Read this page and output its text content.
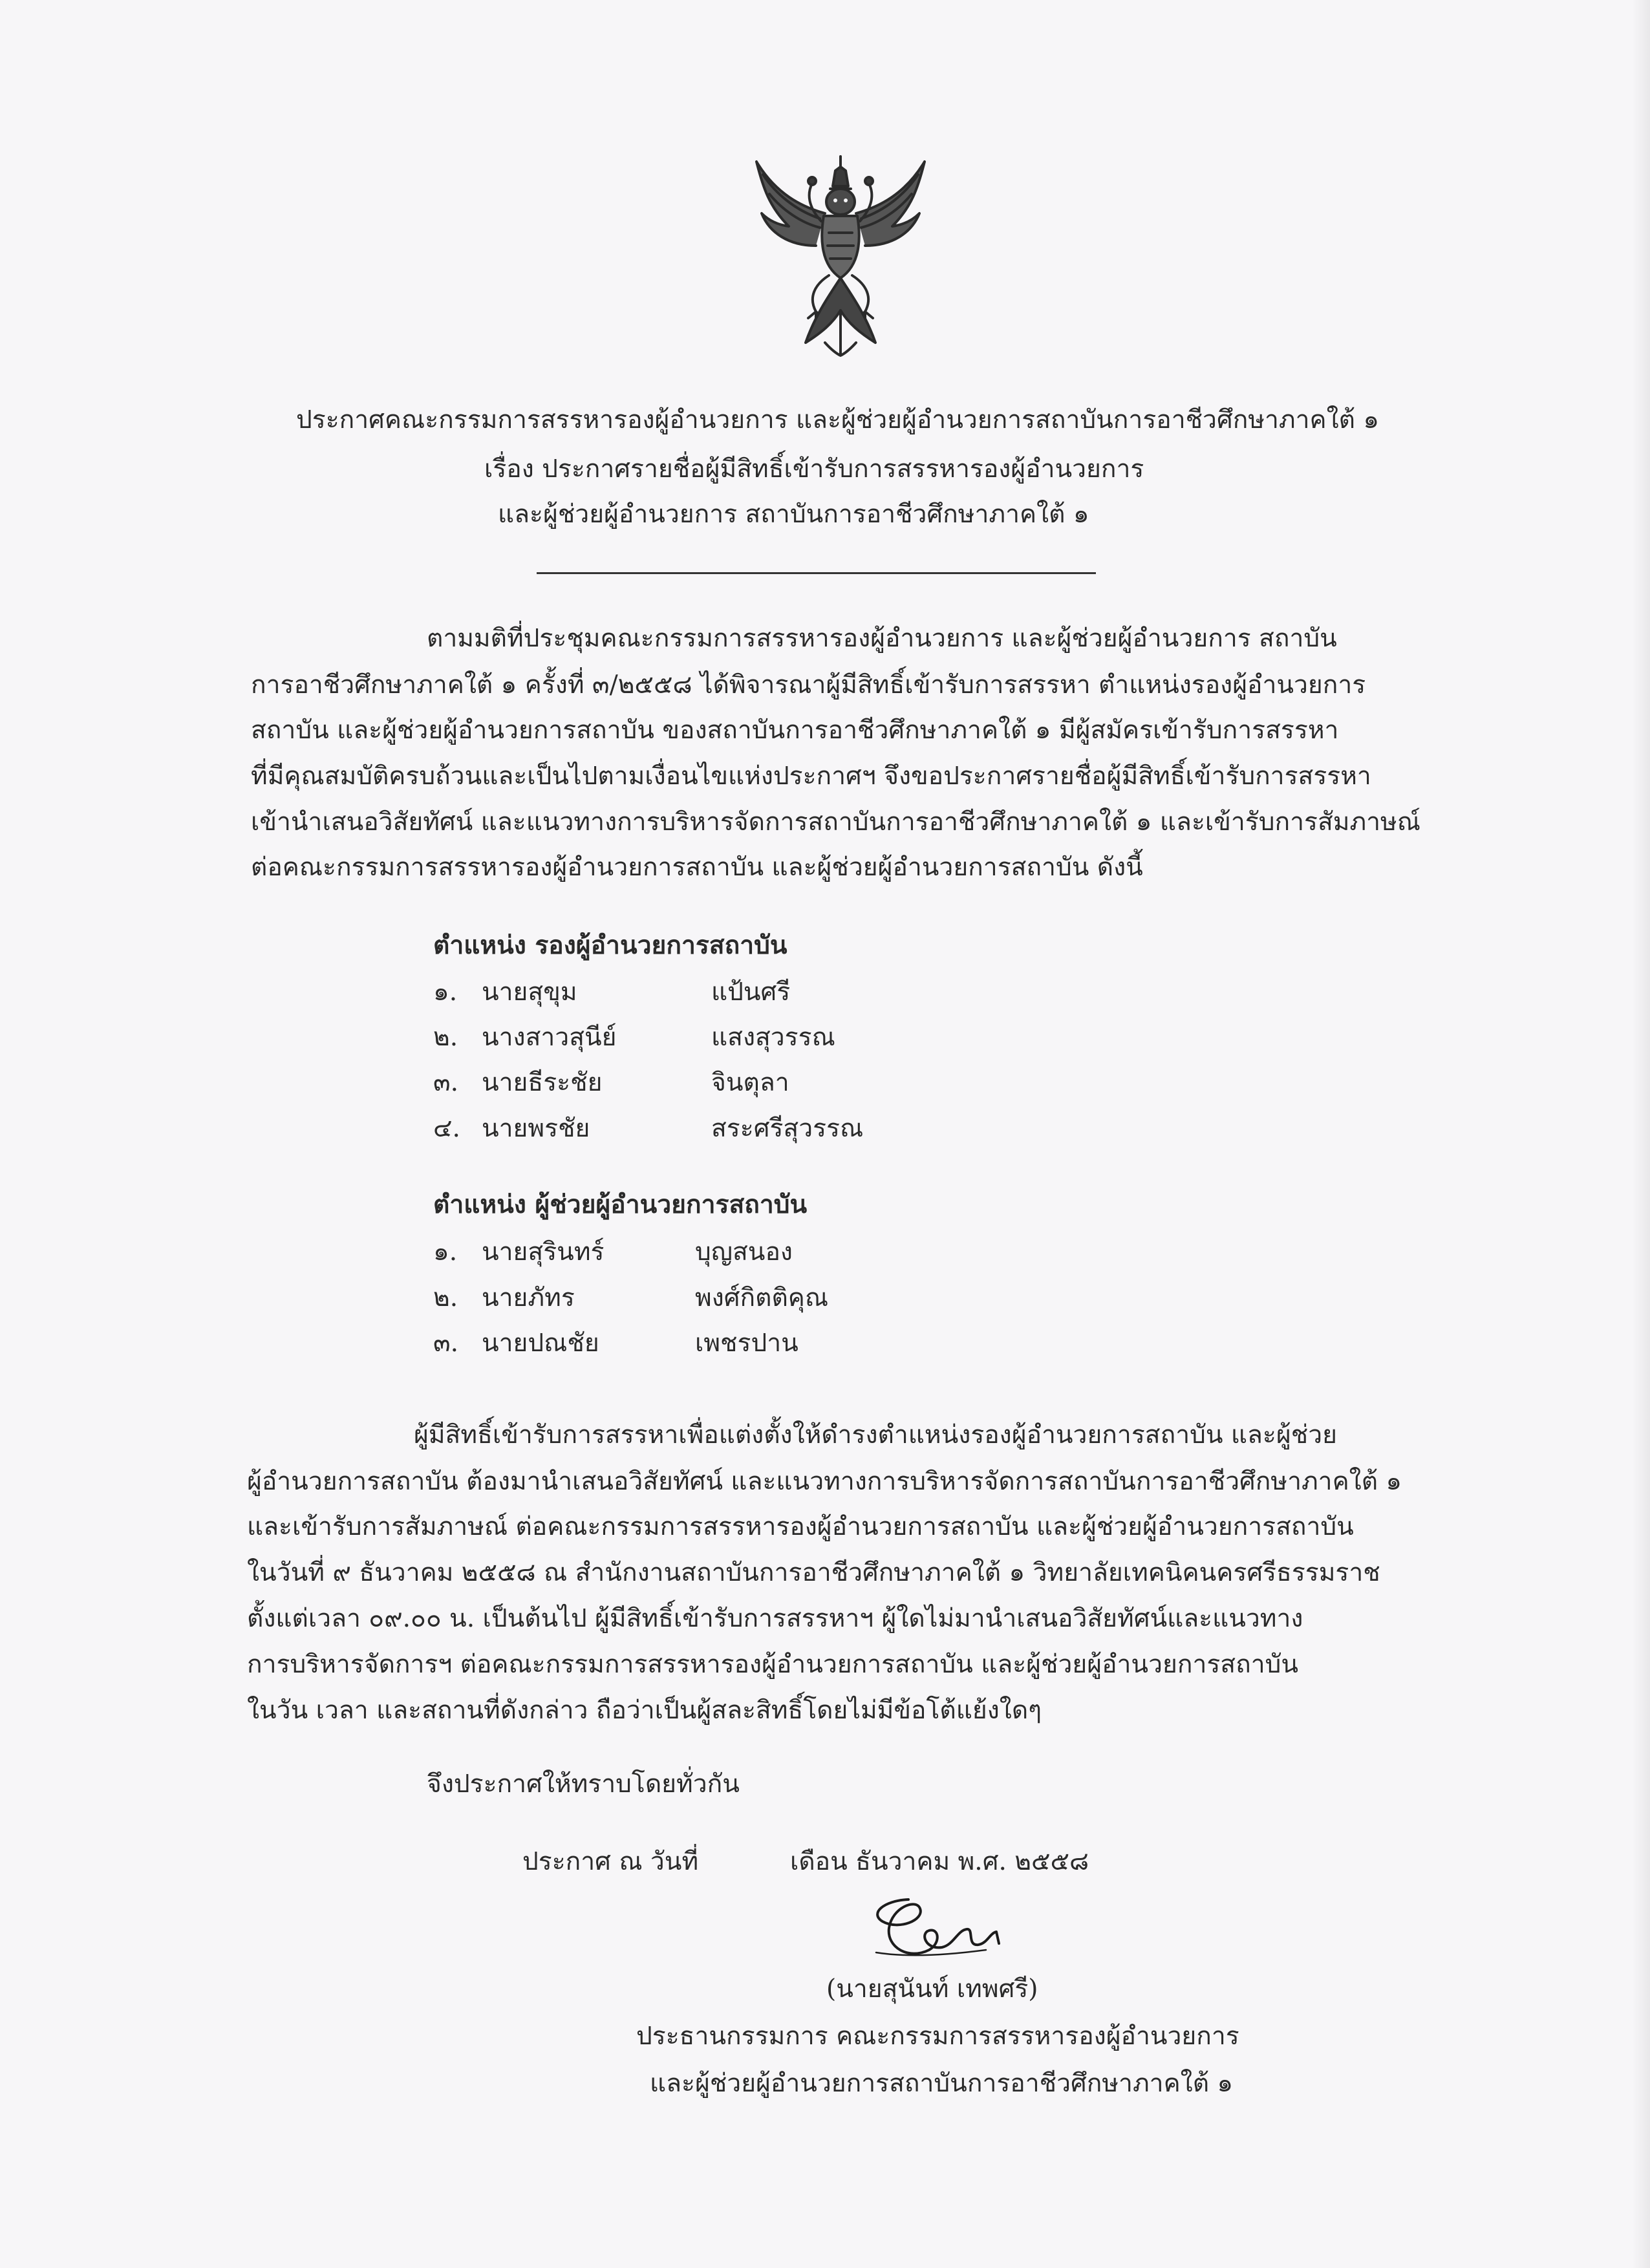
ประกาศคณะกรรมการสรรหารองผู้อำนวยการ และผู้ช่วยผู้อำนวยการสถาบันการอาชีวศึกษาภาคใต้ ๑
เรื่อง ประกาศรายชื่อผู้มีสิทธิ์เข้ารับการสรรหารองผู้อำนวยการ
และผู้ช่วยผู้อำนวยการ สถาบันการอาชีวศึกษาภาคใต้ ๑
ตามมติที่ประชุมคณะกรรมการสรรหารองผู้อำนวยการ และผู้ช่วยผู้อำนวยการ สถาบัน
การอาชีวศึกษาภาคใต้ ๑ ครั้งที่ ๓/๒๕๕๘ ได้พิจารณาผู้มีสิทธิ์เข้ารับการสรรหา ตำแหน่งรองผู้อำนวยการ
สถาบัน และผู้ช่วยผู้อำนวยการสถาบัน ของสถาบันการอาชีวศึกษาภาคใต้ ๑ มีผู้สมัครเข้ารับการสรรหา
ที่มีคุณสมบัติครบถ้วนและเป็นไปตามเงื่อนไขแห่งประกาศฯ จึงขอประกาศรายชื่อผู้มีสิทธิ์เข้ารับการสรรหา
เข้านำเสนอวิสัยทัศน์ และแนวทางการบริหารจัดการสถาบันการอาชีวศึกษาภาคใต้ ๑ และเข้ารับการสัมภาษณ์
ต่อคณะกรรมการสรรหารองผู้อำนวยการสถาบัน และผู้ช่วยผู้อำนวยการสถาบัน ดังนี้
ตำแหน่ง รองผู้อำนวยการสถาบัน
๑. นายสุขุม	แป้นศรี
๒. นางสาวสุนีย์	แสงสุวรรณ
๓. นายธีระชัย	จินตุลา
๔. นายพรชัย	สระศรีสุวรรณ
ตำแหน่ง ผู้ช่วยผู้อำนวยการสถาบัน
๑. นายสุรินทร์	บุญสนอง
๒. นายภัทร	พงศ์กิตติคุณ
๓. นายปณชัย	เพชรปาน
ผู้มีสิทธิ์เข้ารับการสรรหาเพื่อแต่งตั้งให้ดำรงตำแหน่งรองผู้อำนวยการสถาบัน และผู้ช่วย
ผู้อำนวยการสถาบัน ต้องมานำเสนอวิสัยทัศน์ และแนวทางการบริหารจัดการสถาบันการอาชีวศึกษาภาคใต้ ๑
และเข้ารับการสัมภาษณ์ ต่อคณะกรรมการสรรหารองผู้อำนวยการสถาบัน และผู้ช่วยผู้อำนวยการสถาบัน
ในวันที่ ๙ ธันวาคม ๒๕๕๘ ณ สำนักงานสถาบันการอาชีวศึกษาภาคใต้ ๑ วิทยาลัยเทคนิคนครศรีธรรมราช
ตั้งแต่เวลา ๐๙.๐๐ น. เป็นต้นไป ผู้มีสิทธิ์เข้ารับการสรรหาฯ ผู้ใดไม่มานำเสนอวิสัยทัศน์และแนวทาง
การบริหารจัดการฯ ต่อคณะกรรมการสรรหารองผู้อำนวยการสถาบัน และผู้ช่วยผู้อำนวยการสถาบัน
ในวัน เวลา และสถานที่ดังกล่าว ถือว่าเป็นผู้สละสิทธิ์โดยไม่มีข้อโต้แย้งใดๆ
จึงประกาศให้ทราบโดยทั่วกัน
ประกาศ ณ วันที่	เดือน ธันวาคม พ.ศ. ๒๕๕๘
(นายสุนันท์ เทพศรี)
ประธานกรรมการ คณะกรรมการสรรหารองผู้อำนวยการ
และผู้ช่วยผู้อำนวยการสถาบันการอาชีวศึกษาภาคใต้ ๑
